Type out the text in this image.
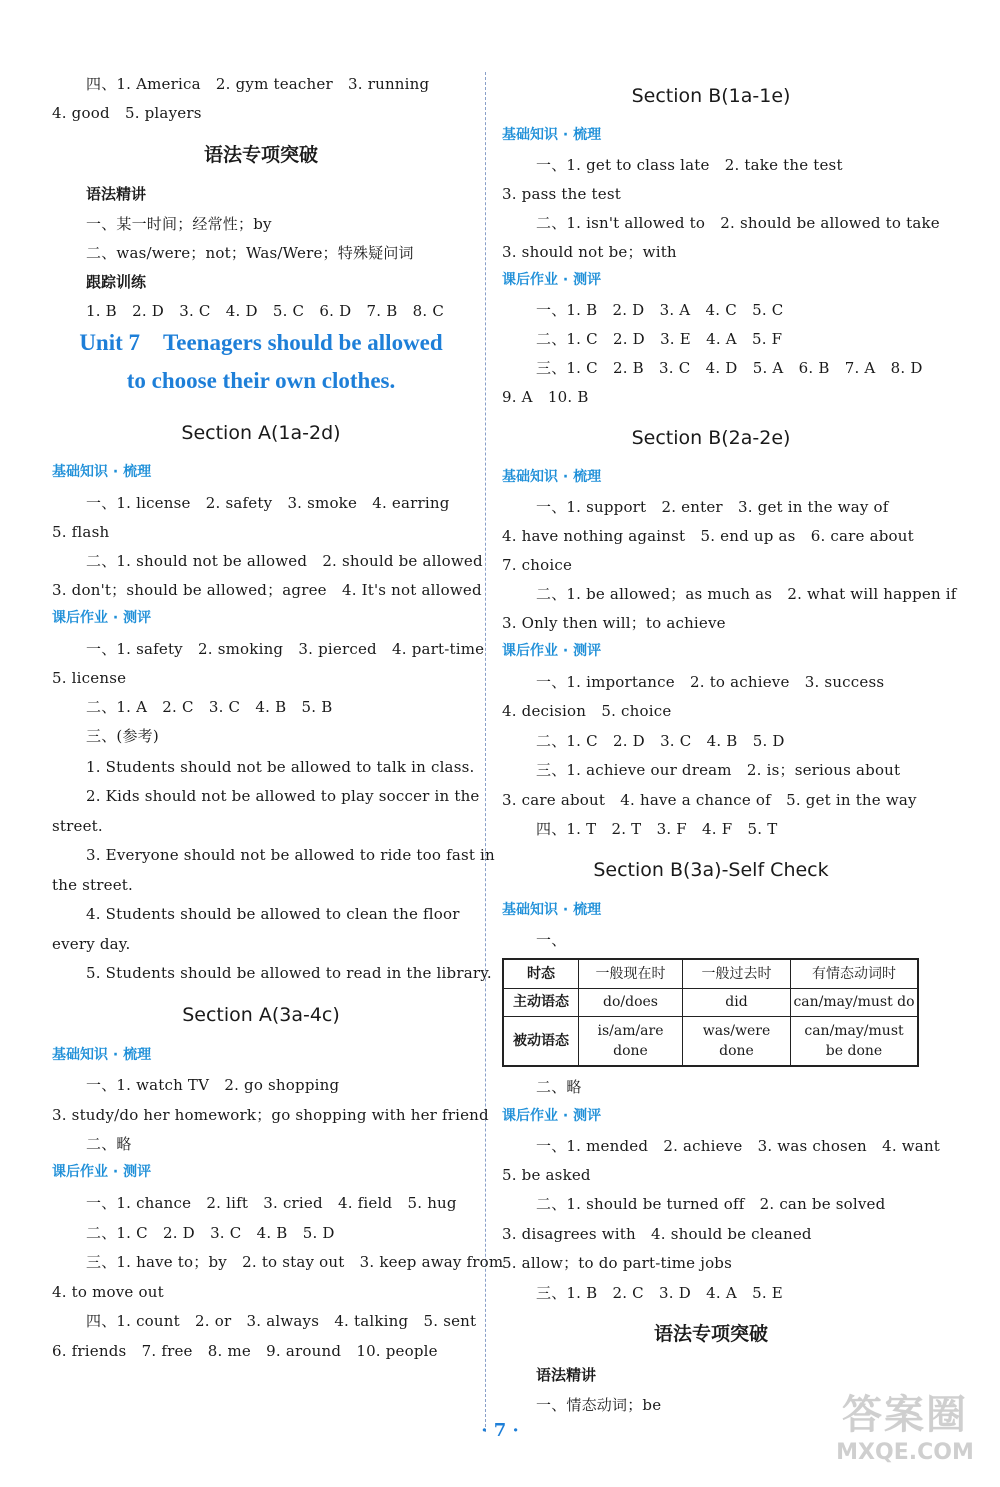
四、1. America　2. gym teacher　3. running
4. good　5. players
语法专项突破
语法精讲
一、某一时间；经常性；by
二、was/were；not；Was/Were；特殊疑问词
跟踪训练
1. B　2. D　3. C　4. D　5. C　6. D　7. B　8. C
Unit 7　Teenagers should be allowed
to choose their own clothes.
Section A(1a-2d)
基础知识 · 梳理
一、1. license　2. safety　3. smoke　4. earring
5. flash
二、1. should not be allowed　2. should be allowed
3. don't；should be allowed；agree　4. It's not allowed
课后作业 · 测评
一、1. safety　2. smoking　3. pierced　4. part-time
5. license
二、1. A　2. C　3. C　4. B　5. B
三、(参考)
1. Students should not be allowed to talk in class.
2. Kids should not be allowed to play soccer in the
street.
3. Everyone should not be allowed to ride too fast in
the street.
4. Students should be allowed to clean the floor
every day.
5. Students should be allowed to read in the library.
Section A(3a-4c)
基础知识 · 梳理
一、1. watch TV　2. go shopping
3. study/do her homework；go shopping with her friend
二、略
课后作业 · 测评
一、1. chance　2. lift　3. cried　4. field　5. hug
二、1. C　2. D　3. C　4. B　5. D
三、1. have to；by　2. to stay out　3. keep away from
4. to move out
四、1. count　2. or　3. always　4. talking　5. sent
6. friends　7. free　8. me　9. around　10. people
Section B(1a-1e)
基础知识 · 梳理
一、1. get to class late　2. take the test
3. pass the test
二、1. isn't allowed to　2. should be allowed to take
3. should not be；with
课后作业 · 测评
一、1. B　2. D　3. A　4. C　5. C
二、1. C　2. D　3. E　4. A　5. F
三、1. C　2. B　3. C　4. D　5. A　6. B　7. A　8. D
9. A　10. B
Section B(2a-2e)
基础知识 · 梳理
一、1. support　2. enter　3. get in the way of
4. have nothing against　5. end up as　6. care about
7. choice
二、1. be allowed；as much as　2. what will happen if
3. Only then will；to achieve
课后作业 · 测评
一、1. importance　2. to achieve　3. success
4. decision　5. choice
二、1. C　2. D　3. C　4. B　5. D
三、1. achieve our dream　2. is；serious about
3. care about　4. have a chance of　5. get in the way
四、1. T　2. T　3. F　4. F　5. T
Section B(3a)-Self Check
基础知识 · 梳理
一、
时态	一般现在时	一般过去时	有情态动词时
主动语态	do/does	did	can/may/must do
被动语态	is/am/are done	was/were done	can/may/must
be done
二、略
课后作业 · 测评
一、1. mended　2. achieve　3. was chosen　4. want
5. be asked
二、1. should be turned off　2. can be solved
3. disagrees with　4. should be cleaned
5. allow；to do part-time jobs
三、1. B　2. C　3. D　4. A　5. E
语法专项突破
语法精讲
一、情态动词；be
· 7 ·	答案圈
MXQE.COM
